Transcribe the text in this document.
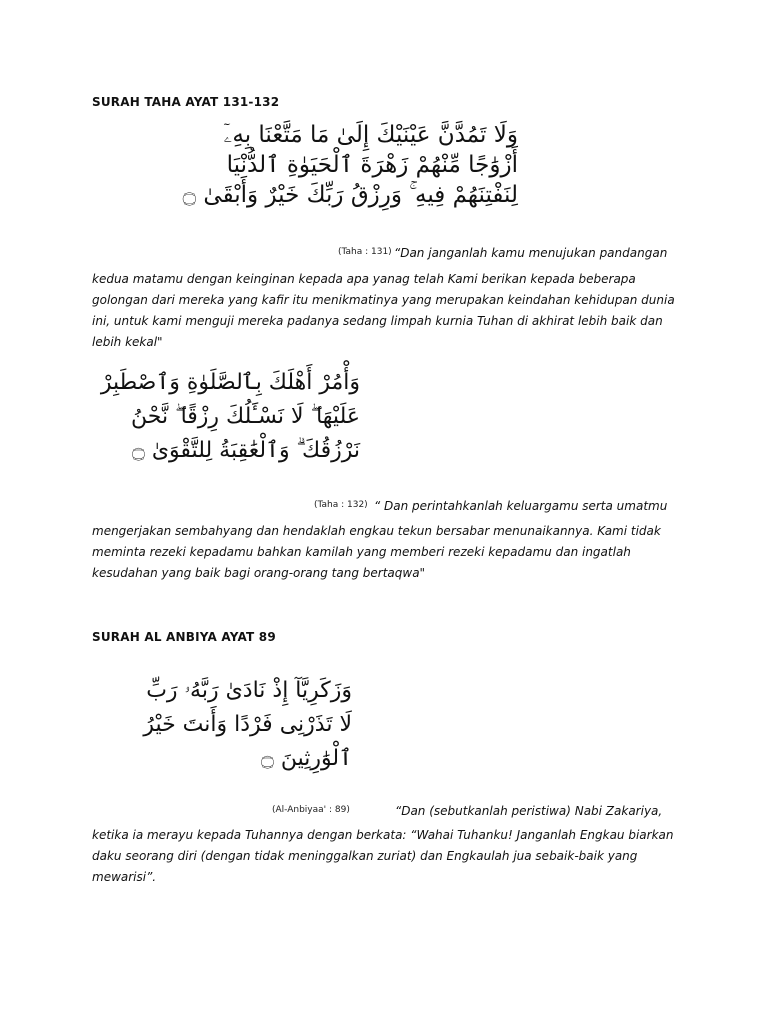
SURAH TAHA AYAT 131-132
وَلَا تَمُدَّنَّ عَيْنَيْكَ إِلَىٰ مَا مَتَّعْنَا بِهِۦٓ
أَزْوَٰجًا مِّنْهُمْ زَهْرَةَ ٱلْحَيَوٰةِ ٱلدُّنْيَا
لِنَفْتِنَهُمْ فِيهِ ۚ وَرِزْقُ رَبِّكَ خَيْرٌ وَأَبْقَىٰ ۝
(Taha : 131) “Dan janganlah kamu menujukan pandangan
kedua matamu dengan keinginan kepada apa yanag telah Kami berikan kepada beberapa golongan dari mereka yang kafir itu menikmatinya yang merupakan keindahan kehidupan dunia ini, untuk kami menguji mereka padanya sedang limpah kurnia Tuhan di akhirat lebih baik dan lebih kekal"
وَأْمُرْ أَهْلَكَ بِٱلصَّلَوٰةِ وَٱصْطَبِرْ
عَلَيْهَا ۖ لَا نَسْـَٔلُكَ رِزْقًا ۖ نَّحْنُ
نَرْزُقُكَ ۗ وَٱلْعَٰقِبَةُ لِلتَّقْوَىٰ ۝
(Taha : 132) “ Dan perintahkanlah keluargamu serta umatmu
mengerjakan sembahyang dan hendaklah engkau tekun bersabar menunaikannya. Kami tidak meminta rezeki kepadamu bahkan kamilah yang memberi rezeki kepadamu dan ingatlah kesudahan yang baik bagi orang-orang tang bertaqwa"
SURAH AL ANBIYA AYAT 89
وَزَكَرِيَّآ إِذْ نَادَىٰ رَبَّهُۥ رَبِّ
لَا تَذَرْنِى فَرْدًا وَأَنتَ خَيْرُ
ٱلْوَٰرِثِينَ ۝
(Al-Anbiyaa' : 89)	“Dan (sebutkanlah peristiwa) Nabi Zakariya,
ketika ia merayu kepada Tuhannya dengan berkata: “Wahai Tuhanku! Janganlah Engkau biarkan daku seorang diri (dengan tidak meninggalkan zuriat) dan Engkaulah jua sebaik-baik yang mewarisi”.
